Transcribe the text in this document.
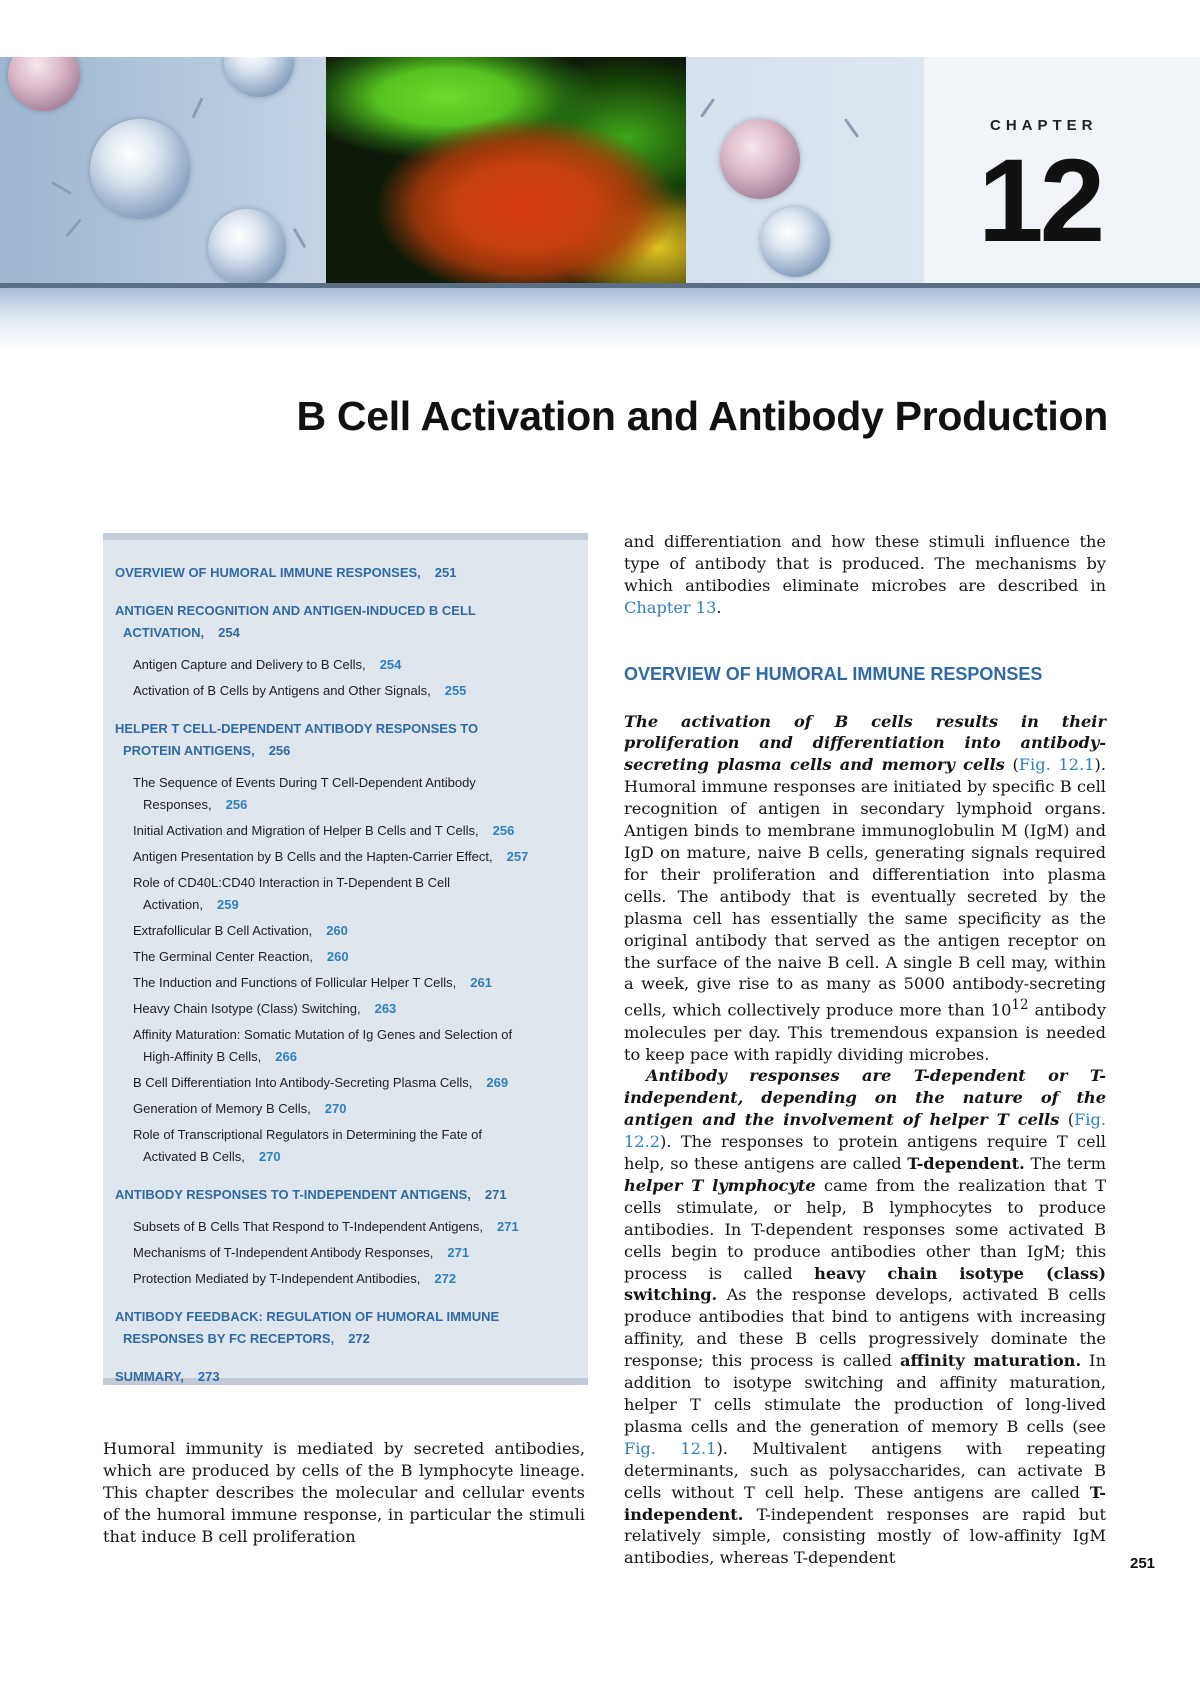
CHAPTER
12
B Cell Activation and Antibody Production
OVERVIEW OF HUMORAL IMMUNE RESPONSES, 251
ANTIGEN RECOGNITION AND ANTIGEN-INDUCED B CELL
ACTIVATION, 254
Antigen Capture and Delivery to B Cells, 254
Activation of B Cells by Antigens and Other Signals, 255
HELPER T CELL-DEPENDENT ANTIBODY RESPONSES TO
PROTEIN ANTIGENS, 256
The Sequence of Events During T Cell-Dependent Antibody
Responses, 256
Initial Activation and Migration of Helper B Cells and T Cells, 256
Antigen Presentation by B Cells and the Hapten-Carrier Effect, 257
Role of CD40L:CD40 Interaction in T-Dependent B Cell
Activation, 259
Extrafollicular B Cell Activation, 260
The Germinal Center Reaction, 260
The Induction and Functions of Follicular Helper T Cells, 261
Heavy Chain Isotype (Class) Switching, 263
Affinity Maturation: Somatic Mutation of Ig Genes and Selection of
High-Affinity B Cells, 266
B Cell Differentiation Into Antibody-Secreting Plasma Cells, 269
Generation of Memory B Cells, 270
Role of Transcriptional Regulators in Determining the Fate of
Activated B Cells, 270
ANTIBODY RESPONSES TO T-INDEPENDENT ANTIGENS, 271
Subsets of B Cells That Respond to T-Independent Antigens, 271
Mechanisms of T-Independent Antibody Responses, 271
Protection Mediated by T-Independent Antibodies, 272
ANTIBODY FEEDBACK: REGULATION OF HUMORAL IMMUNE
RESPONSES BY FC RECEPTORS, 272
SUMMARY, 273

Humoral immunity is mediated by secreted antibodies, which are produced by cells of the B lymphocyte lineage. This chapter describes the molecular and cellular events of the humoral immune response, in particular the stimuli that induce B cell proliferation

and differentiation and how these stimuli influence the type of antibody that is produced. The mechanisms by which antibodies eliminate microbes are described in Chapter 13.

OVERVIEW OF HUMORAL IMMUNE RESPONSES

The activation of B cells results in their proliferation and differentiation into antibody-secreting plasma cells and memory cells (Fig. 12.1). Humoral immune responses are initiated by specific B cell recognition of antigen in secondary lymphoid organs. Antigen binds to membrane immunoglobulin M (IgM) and IgD on mature, naive B cells, generating signals required for their proliferation and differentiation into plasma cells. The antibody that is eventually secreted by the plasma cell has essentially the same specificity as the original antibody that served as the antigen receptor on the surface of the naive B cell. A single B cell may, within a week, give rise to as many as 5000 antibody-secreting cells, which collectively produce more than $10^{12}$ antibody molecules per day. This tremendous expansion is needed to keep pace with rapidly dividing microbes.

Antibody responses are T-dependent or T-independent, depending on the nature of the antigen and the involvement of helper T cells (Fig. 12.2). The responses to protein antigens require T cell help, so these antigens are called T-dependent. The term helper T lymphocyte came from the realization that T cells stimulate, or help, B lymphocytes to produce antibodies. In T-dependent responses some activated B cells begin to produce antibodies other than IgM; this process is called heavy chain isotype (class) switching. As the response develops, activated B cells produce antibodies that bind to antigens with increasing affinity, and these B cells progressively dominate the response; this process is called affinity maturation. In addition to isotype switching and affinity maturation, helper T cells stimulate the production of long-lived plasma cells and the generation of memory B cells (see Fig. 12.1). Multivalent antigens with repeating determinants, such as polysaccharides, can activate B cells without T cell help. These antigens are called T-independent. T-independent responses are rapid but relatively simple, consisting mostly of low-affinity IgM antibodies, whereas T-dependent	251
